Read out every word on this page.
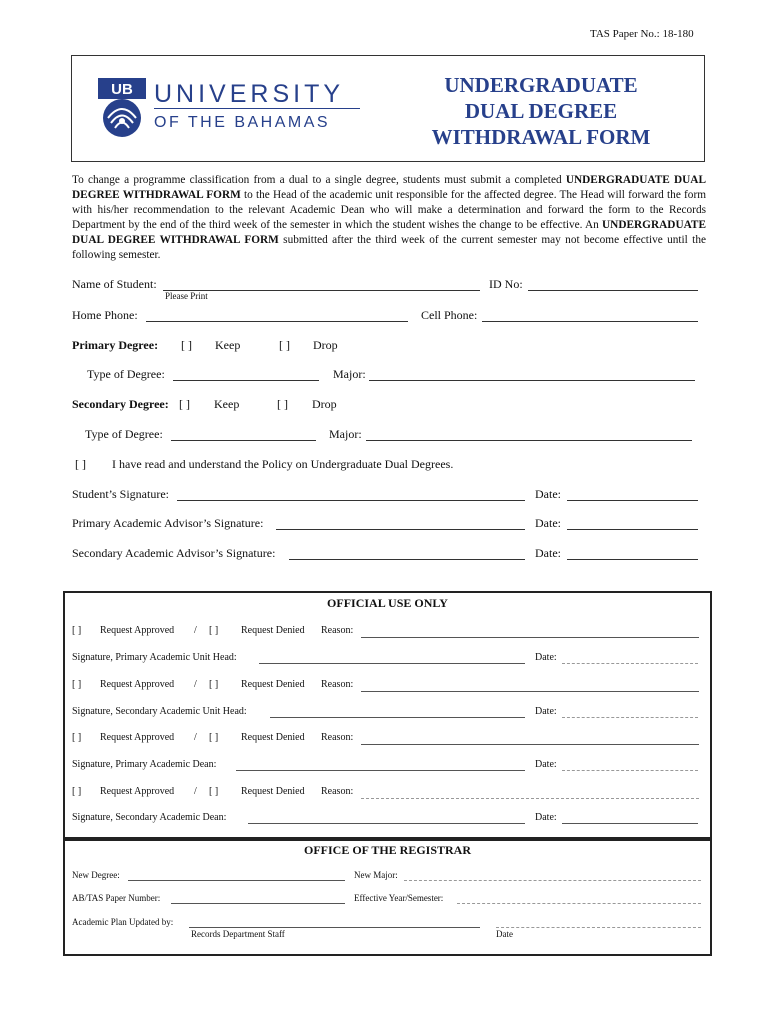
TAS Paper No.: 18-180
UB UNIVERSITY
OF THE BAHAMAS
UNDERGRADUATE
DUAL DEGREE
WITHDRAWAL FORM
To change a programme classification from a dual to a single degree, students must submit a completed UNDERGRADUATE DUAL DEGREE WITHDRAWAL FORM to the Head of the academic unit responsible for the affected degree. The Head will forward the form with his/her recommendation to the relevant Academic Dean who will make a determination and forward the form to the Records Department by the end of the third week of the semester in which the student wishes the change to be effective. An UNDERGRADUATE DUAL DEGREE WITHDRAWAL FORM submitted after the third week of the current semester may not become effective until the following semester.
Name of Student:
Please Print
ID No:
Home Phone:	Cell Phone:
Primary Degree: [ ] Keep	[ ] Drop
Type of Degree:	Major:
Secondary Degree: [ ] Keep	[ ] Drop
Type of Degree:	Major:
[ ] I have read and understand the Policy on Undergraduate Dual Degrees.
Student’s Signature:	Date:
Primary Academic Advisor’s Signature:	Date:
Secondary Academic Advisor’s Signature:	Date:
OFFICIAL USE ONLY
[ ] Request Approved / [ ] Request Denied Reason:
Signature, Primary Academic Unit Head:	Date:
[ ] Request Approved / [ ] Request Denied Reason:
Signature, Secondary Academic Unit Head:	Date:
[ ] Request Approved / [ ] Request Denied Reason:
Signature, Primary Academic Dean:	Date:
[ ] Request Approved / [ ] Request Denied Reason:
Signature, Secondary Academic Dean:	Date:
OFFICE OF THE REGISTRAR
New Degree:	New Major:
AB/TAS Paper Number:	Effective Year/Semester:
Academic Plan Updated by:
Records Department Staff	Date
